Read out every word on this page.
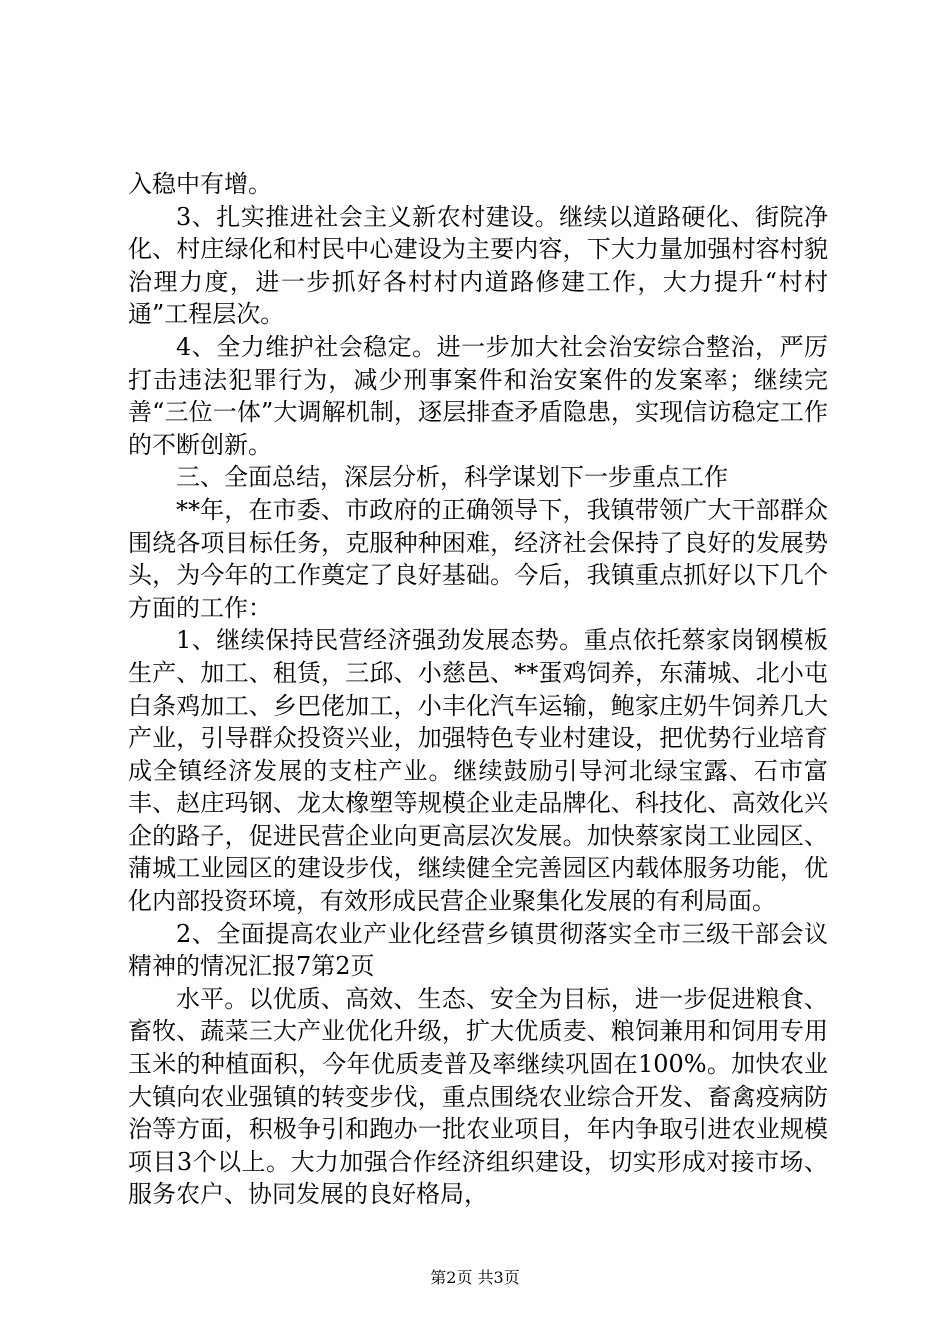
入稳中有增。

3、扎实推进社会主义新农村建设。继续以道路硬化、街院净化、村庄绿化和村民中心建设为主要内容，下大力量加强村容村貌治理力度，进一步抓好各村村内道路修建工作，大力提升“村村通”工程层次。

4、全力维护社会稳定。进一步加大社会治安综合整治，严厉打击违法犯罪行为，减少刑事案件和治安案件的发案率；继续完善“三位一体”大调解机制，逐层排查矛盾隐患，实现信访稳定工作的不断创新。

三、全面总结，深层分析，科学谋划下一步重点工作

**年，在市委、市政府的正确领导下，我镇带领广大干部群众围绕各项目标任务，克服种种困难，经济社会保持了良好的发展势头，为今年的工作奠定了良好基础。今后，我镇重点抓好以下几个方面的工作：

1、继续保持民营经济强劲发展态势。重点依托蔡家岗钢模板生产、加工、租赁，三邱、小慈邑、**蛋鸡饲养，东蒲城、北小屯白条鸡加工、乡巴佬加工，小丰化汽车运输，鲍家庄奶牛饲养几大产业，引导群众投资兴业，加强特色专业村建设，把优势行业培育成全镇经济发展的支柱产业。继续鼓励引导河北绿宝露、石市富丰、赵庄玛钢、龙太橡塑等规模企业走品牌化、科技化、高效化兴企的路子，促进民营企业向更高层次发展。加快蔡家岗工业园区、蒲城工业园区的建设步伐，继续健全完善园区内载体服务功能，优化内部投资环境，有效形成民营企业聚集化发展的有利局面。

2、全面提高农业产业化经营乡镇贯彻落实全市三级干部会议精神的情况汇报7第2页

水平。以优质、高效、生态、安全为目标，进一步促进粮食、畜牧、蔬菜三大产业优化升级，扩大优质麦、粮饲兼用和饲用专用玉米的种植面积，今年优质麦普及率继续巩固在100%。加快农业大镇向农业强镇的转变步伐，重点围绕农业综合开发、畜禽疫病防治等方面，积极争引和跑办一批农业项目，年内争取引进农业规模项目3个以上。大力加强合作经济组织建设，切实形成对接市场、服务农户、协同发展的良好格局，

第2页 共3页
